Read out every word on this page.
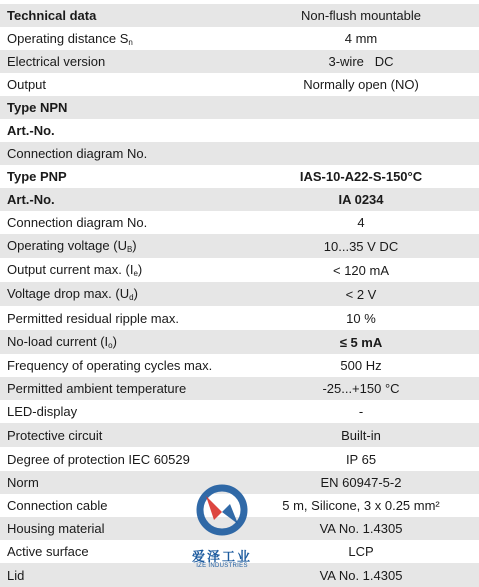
Technical data	Non-flush mountable
Operating distance $S_n$	4 mm
Electrical version	3-wire   DC
Output	Normally open (NO)
Type NPN
Art.-No.
Connection diagram No.
Type PNP	IAS-10-A22-S-150°C
Art.-No.	IA 0234
Connection diagram No.	4
Operating voltage $(U_B)$	10...35 V DC
Output current max. $(I_e)$	< 120 mA
Voltage drop max. $(U_d)$	< 2 V
Permitted residual ripple max.	10 %
No-load current $(I_o)$	≤ 5 mA
Frequency of operating cycles max.	500 Hz
Permitted ambient temperature	-25...+150 °C
LED-display	-
Protective circuit	Built-in
Degree of protection IEC 60529	IP 65
Norm	EN 60947-5-2
Connection cable	5 m, Silicone, 3 x 0.25 mm²
Housing material	VA No. 1.4305
Active surface	LCP
Lid	VA No. 1.4305
爱泽工业
IZE INDUSTRIES
